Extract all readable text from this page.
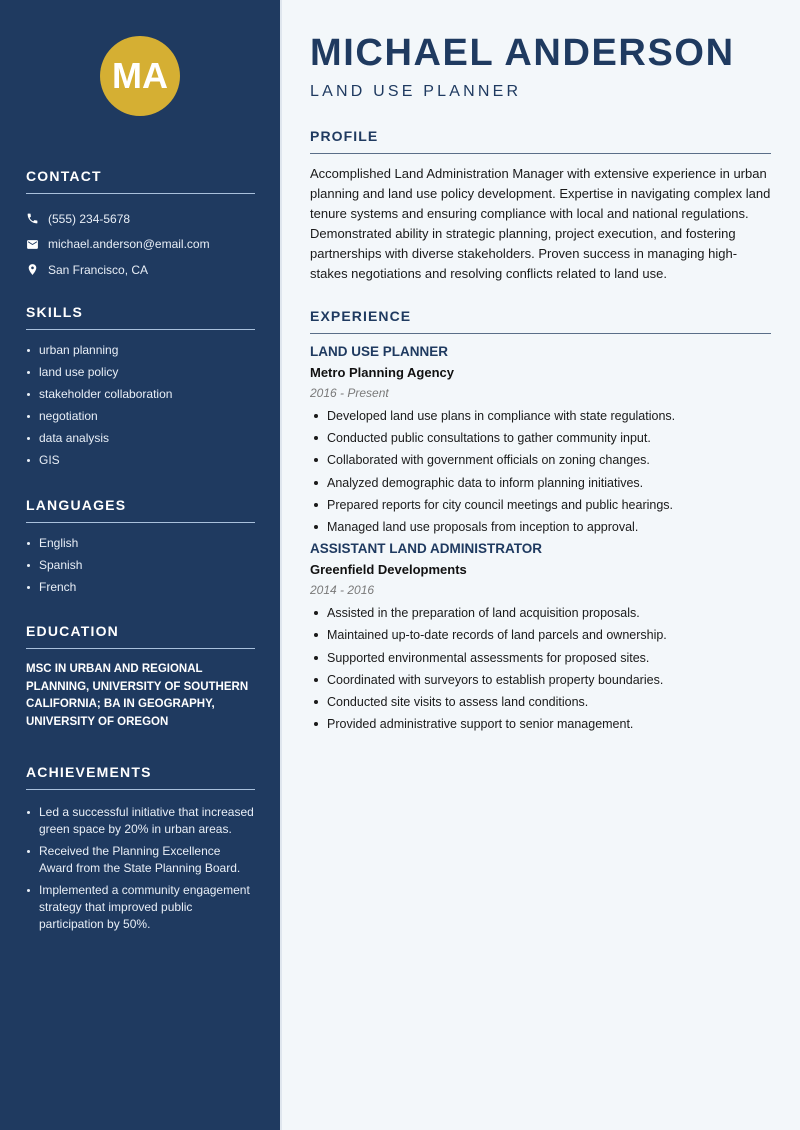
MA
CONTACT
(555) 234-5678
michael.anderson@email.com
San Francisco, CA
SKILLS
urban planning
land use policy
stakeholder collaboration
negotiation
data analysis
GIS
LANGUAGES
English
Spanish
French
EDUCATION

MSC IN URBAN AND REGIONAL PLANNING, UNIVERSITY OF SOUTHERN CALIFORNIA; BA IN GEOGRAPHY, UNIVERSITY OF OREGON

ACHIEVEMENTS
Led a successful initiative that increased green space by 20% in urban areas.
Received the Planning Excellence Award from the State Planning Board.
Implemented a community engagement strategy that improved public participation by 50%.
MICHAEL ANDERSON
LAND USE PLANNER
PROFILE

Accomplished Land Administration Manager with extensive experience in urban planning and land use policy development. Expertise in navigating complex land tenure systems and ensuring compliance with local and national regulations. Demonstrated ability in strategic planning, project execution, and fostering partnerships with diverse stakeholders. Proven success in managing high-stakes negotiations and resolving conflicts related to land use.

EXPERIENCE
LAND USE PLANNER
Metro Planning Agency
2016 - Present
Developed land use plans in compliance with state regulations.
Conducted public consultations to gather community input.
Collaborated with government officials on zoning changes.
Analyzed demographic data to inform planning initiatives.
Prepared reports for city council meetings and public hearings.
Managed land use proposals from inception to approval.
ASSISTANT LAND ADMINISTRATOR
Greenfield Developments
2014 - 2016
Assisted in the preparation of land acquisition proposals.
Maintained up-to-date records of land parcels and ownership.
Supported environmental assessments for proposed sites.
Coordinated with surveyors to establish property boundaries.
Conducted site visits to assess land conditions.
Provided administrative support to senior management.
